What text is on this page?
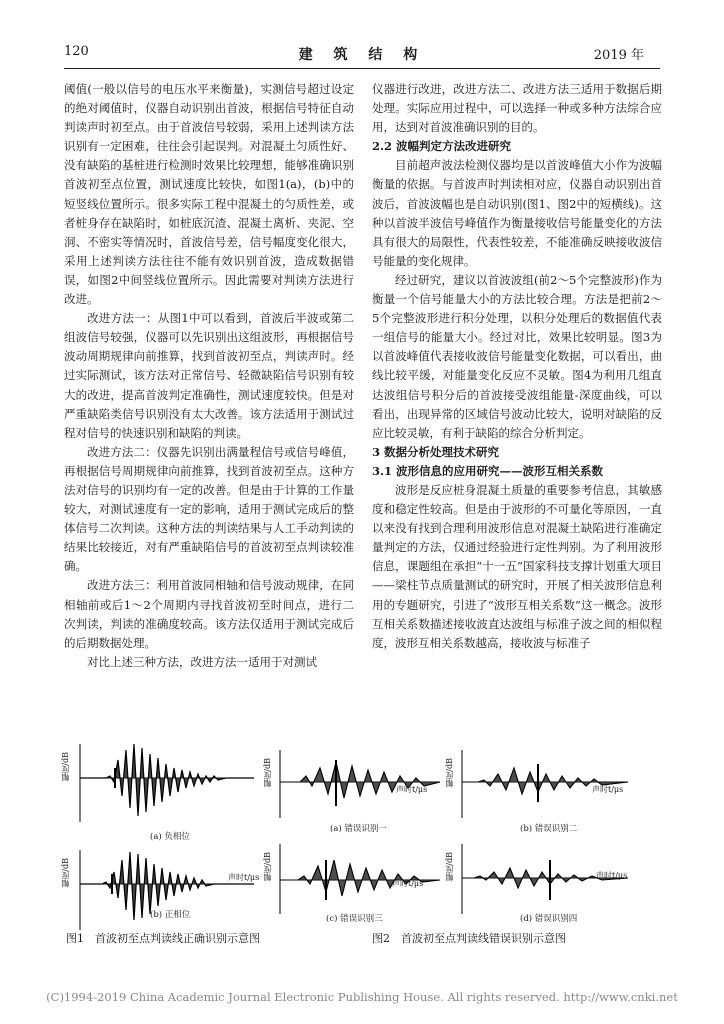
120	建 筑 结 构	2019 年

阈值(一般以信号的电压水平来衡量)，实测信号超过设定的绝对阈值时，仪器自动识别出首波，根据信号特征自动判读声时初至点。由于首波信号较弱，采用上述判读方法识别有一定困难，往往会引起误判。对混凝土匀质性好、没有缺陷的基桩进行检测时效果比较理想，能够准确识别首波初至点位置，测试速度比较快，如图1(a)，(b)中的短竖线位置所示。很多实际工程中混凝土的匀质性差，或者桩身存在缺陷时，如桩底沉渣、混凝土离析、夹泥、空洞、不密实等情况时，首波信号差，信号幅度变化很大，采用上述判读方法往往不能有效识别首波，造成数据错误，如图2中间竖线位置所示。因此需要对判读方法进行改进。

改进方法一：从图1中可以看到，首波后半波或第二组波信号较强，仪器可以先识别出这组波形，再根据信号波动周期规律向前推算，找到首波初至点，判读声时。经过实际测试，该方法对正常信号、轻微缺陷信号识别有较大的改进，提高首波判定准确性，测试速度较快。但是对严重缺陷类信号识别没有太大改善。该方法适用于测试过程对信号的快速识别和缺陷的判读。

改进方法二：仪器先识别出满量程信号或信号峰值，再根据信号周期规律向前推算，找到首波初至点。这种方法对信号的识别均有一定的改善。但是由于计算的工作量较大，对测试速度有一定的影响，适用于测试完成后的整体信号二次判读。这种方法的判读结果与人工手动判读的结果比较接近，对有严重缺陷信号的首波初至点判读较准确。

改进方法三：利用首波同相轴和信号波动规律，在同相轴前或后1～2个周期内寻找首波初至时间点，进行二次判读，判读的准确度较高。该方法仅适用于测试完成后的后期数据处理。

对比上述三种方法，改进方法一适用于对测试

仪器进行改进，改进方法二、改进方法三适用于数据后期处理。实际应用过程中，可以选择一种或多种方法综合应用，达到对首波准确识别的目的。

2.2 波幅判定方法改进研究

目前超声波法检测仪器均是以首波峰值大小作为波幅衡量的依据。与首波声时判读相对应，仪器自动识别出首波后，首波波幅也是自动识别(图1、图2中的短横线)。这种以首波半波信号峰值作为衡量接收信号能量变化的方法具有很大的局限性，代表性较差，不能准确反映接收波信号能量的变化规律。

经过研究，建议以首波波组(前2～5个完整波形)作为衡量一个信号能量大小的方法比较合理。方法是把前2～5个完整波形进行积分处理，以积分处理后的数据值代表一组信号的能量大小。经过对比，效果比较明显。图3为以首波峰值代表接收波信号能量变化数据，可以看出，曲线比较平缓，对能量变化反应不灵敏。图4为利用几组直达波组信号积分后的首波接受波组能量-深度曲线，可以看出，出现异常的区域信号波动比较大，说明对缺陷的反应比较灵敏，有利于缺陷的综合分析判定。

3 数据分析处理技术研究
3.1 波形信息的应用研究——波形互相关系数

波形是反应桩身混凝土质量的重要参考信息，其敏感度和稳定性较高。但是由于波形的不可量化等原因，一直以来没有找到合理利用波形信息对混凝土缺陷进行准确定量判定的方法，仅通过经验进行定性判别。为了利用波形信息，课题组在承担“十一五”国家科技支撑计划重大项目——梁柱节点质量测试的研究时，开展了相关波形信息利用的专题研究，引进了“波形互相关系数”这一概念。波形互相关系数描述接收波直达波组与标准子波之间的相似程度，波形互相关系数越高，接收波与标准子

幅度/dB
(a) 负相位
幅度/dB	声时t/μs
(b) 正相位
幅度/dB
声时t/μs
(a) 错误识别一
幅度/dB
声时t/μs
(b) 错误识别二
幅度/dB
声时t/μs
(c) 错误识别三
幅度/dB	声时t/μs
(d) 错误识别四
图1　首波初至点判读线正确识别示意图	图2　首波初至点判读线错误识别示意图
(C)1994-2019 China Academic Journal Electronic Publishing House. All rights reserved. http://www.cnki.net
